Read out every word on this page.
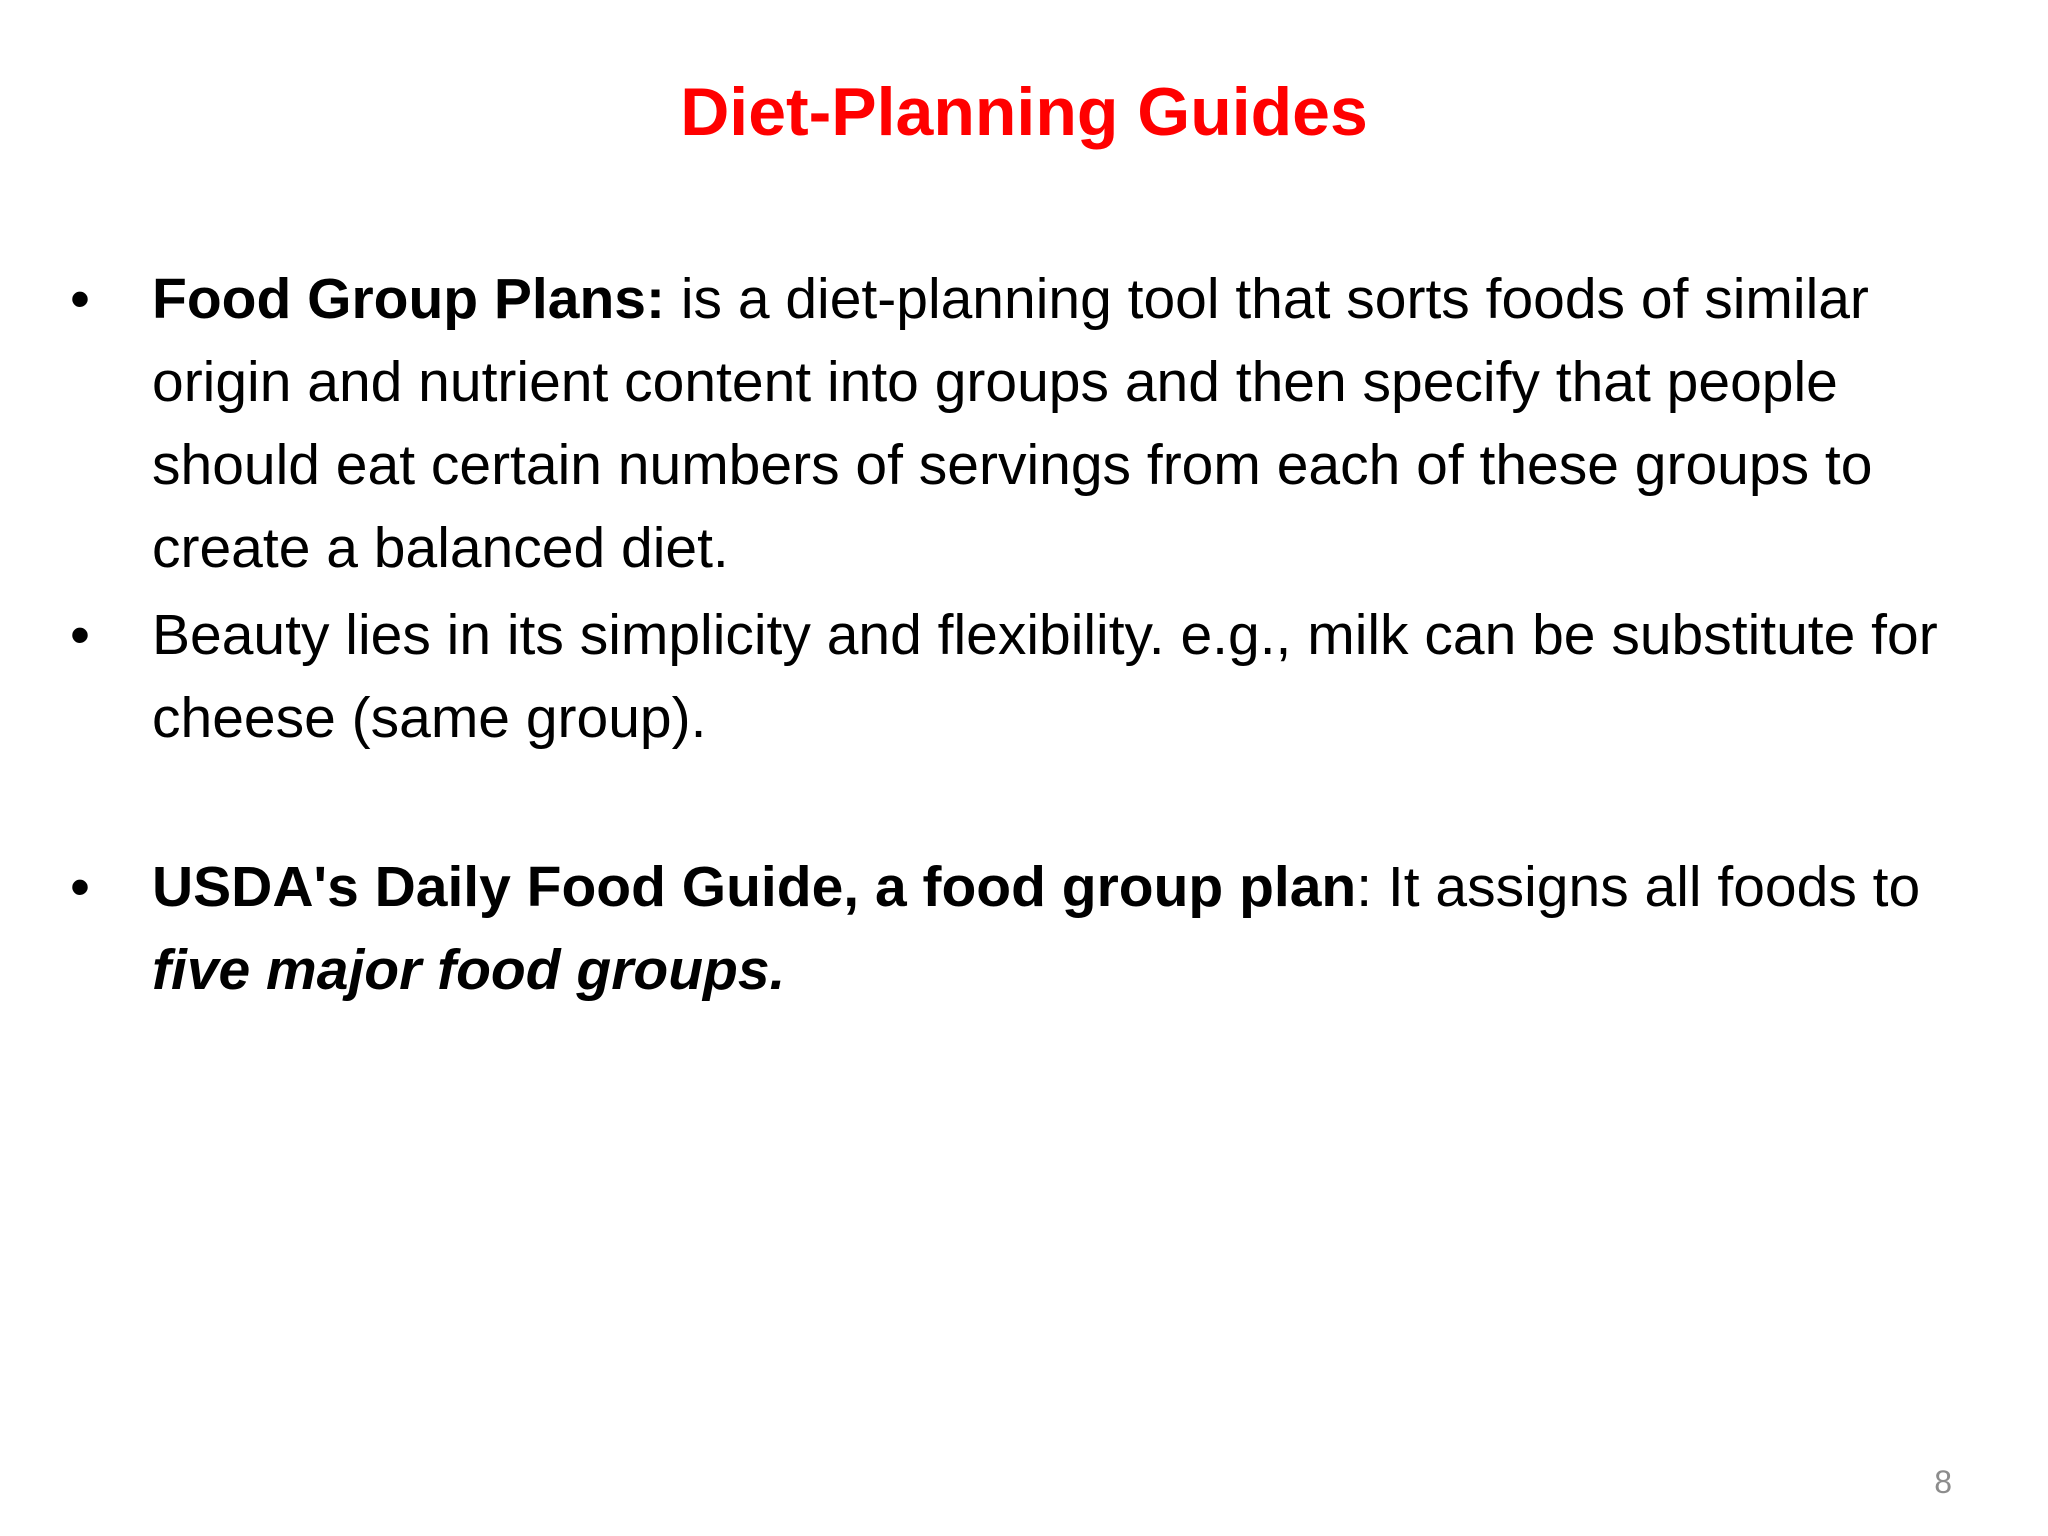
Diet-Planning Guides
•	Food Group Plans: is a diet-planning tool that sorts foods of similar origin and nutrient content into groups and then specify that people should eat certain numbers of servings from each of these groups to create a balanced diet.
•	Beauty lies in its simplicity and flexibility. e.g., milk can be substitute for cheese (same group).
•	USDA's Daily Food Guide, a food group plan: It assigns all foods to five major food groups.
8
